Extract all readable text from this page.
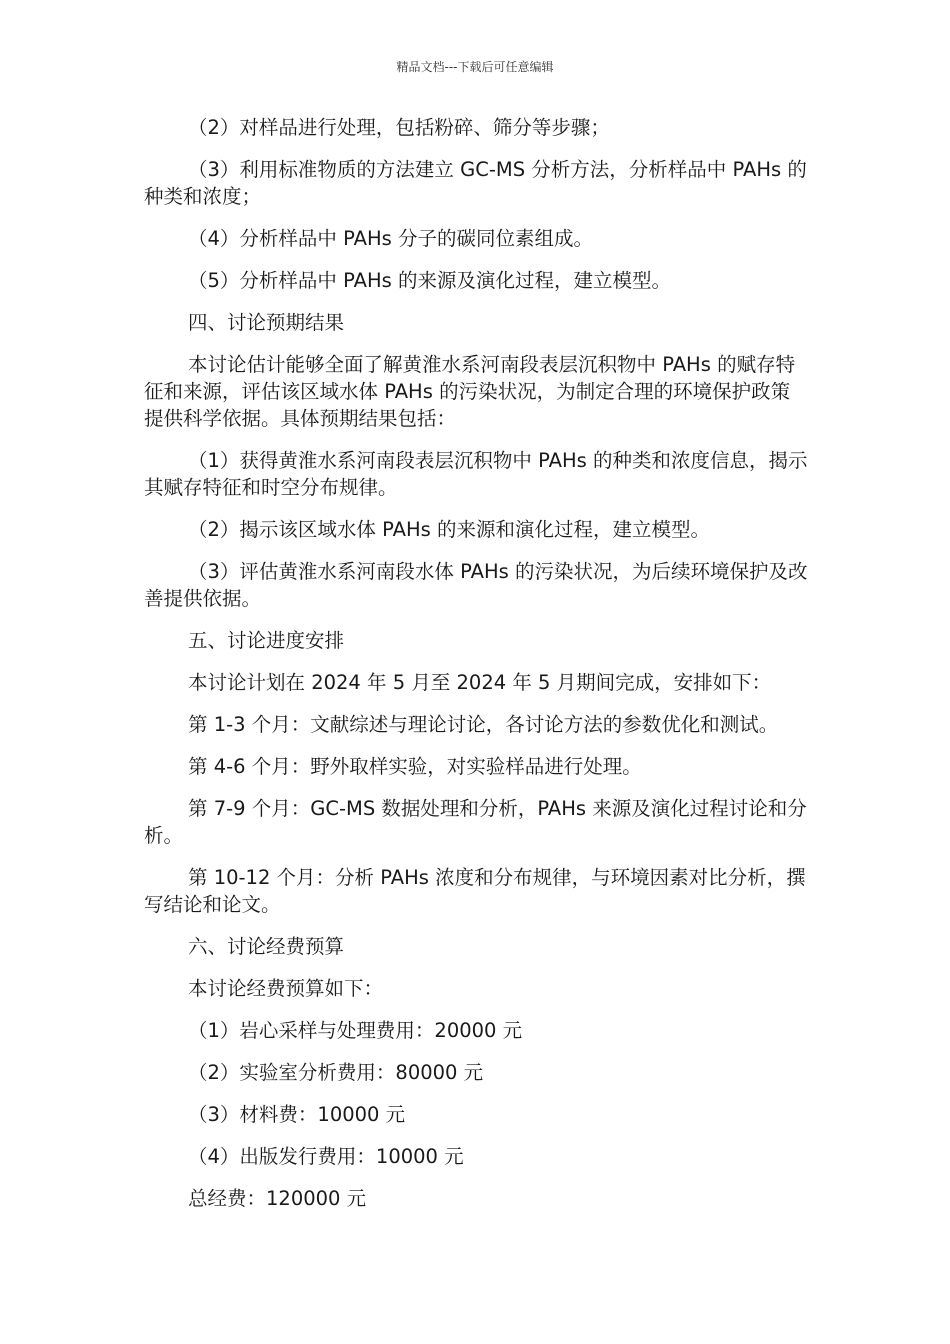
精品文档---下载后可任意编辑

（2）对样品进行处理，包括粉碎、筛分等步骤；

（3）利用标准物质的方法建立 GC-MS 分析方法，分析样品中 PAHs 的种类和浓度；

（4）分析样品中 PAHs 分子的碳同位素组成。

（5）分析样品中 PAHs 的来源及演化过程，建立模型。

四、讨论预期结果

本讨论估计能够全面了解黄淮水系河南段表层沉积物中 PAHs 的赋存特征和来源，评估该区域水体 PAHs 的污染状况，为制定合理的环境保护政策提供科学依据。具体预期结果包括：

（1）获得黄淮水系河南段表层沉积物中 PAHs 的种类和浓度信息，揭示其赋存特征和时空分布规律。

（2）揭示该区域水体 PAHs 的来源和演化过程，建立模型。

（3）评估黄淮水系河南段水体 PAHs 的污染状况，为后续环境保护及改善提供依据。

五、讨论进度安排

本讨论计划在 2024 年 5 月至 2024 年 5 月期间完成，安排如下：

第 1-3 个月：文献综述与理论讨论，各讨论方法的参数优化和测试。

第 4-6 个月：野外取样实验，对实验样品进行处理。

第 7-9 个月：GC-MS 数据处理和分析，PAHs 来源及演化过程讨论和分析。

第 10-12 个月：分析 PAHs 浓度和分布规律，与环境因素对比分析，撰写结论和论文。

六、讨论经费预算

本讨论经费预算如下：

（1）岩心采样与处理费用：20000 元

（2）实验室分析费用：80000 元

（3）材料费：10000 元

（4）出版发行费用：10000 元

总经费：120000 元
